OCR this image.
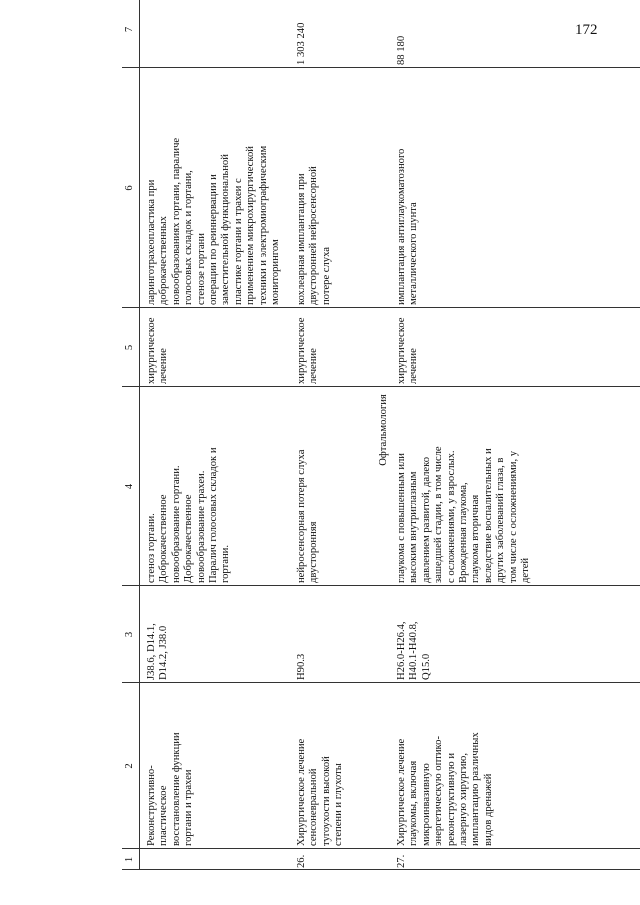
172
1
2
3
4
5
6
7
Реконструктивно-
пластическое
восстановление функции
гортани и трахеи
J38.6, D14.1,
D14.2, J38.0
стеноз гортани.
Доброкачественное
новообразование гортани.
Доброкачественное
новообразование трахеи.
Паралич голосовых складок и
гортани.
хирургическое
лечение
ларинготрахеопластика при
доброкачественных
новообразованиях гортани, параличе
голосовых складок и гортани,
стенозе гортани
операции по реиннервации и
заместительной функциональной
пластике гортани и трахеи с
применением микрохирургической
техники и электромиографическим
мониторингом
26.
Хирургическое лечение
сенсоневральной
тугоухости высокой
степени и глухоты
H90.3
нейросенсорная потеря слуха
двусторонняя
хирургическое
лечение
кохлеарная имплантация при
двусторонней нейросенсорной
потере слуха
1 303 240
Офтальмология
27.
Хирургическое лечение
глаукомы, включая
микроинвазивную
энергетическую оптико-
реконструктивную и
лазерную хирургию,
имплантацию различных
видов дренажей
H26.0-H26.4,
H40.1-H40.8,
Q15.0
глаукома с повышенным или
высоким внутриглазным
давлением развитой, далеко
зашедшей стадии, в том числе
с осложнениями, у взрослых.
Врожденная глаукома,
глаукома вторичная
вследствие воспалительных и
других заболеваний глаза, в
том числе с осложнениями, у
детей
хирургическое
лечение
имплантация антиглаукоматозного
металлического шунта
88 180
